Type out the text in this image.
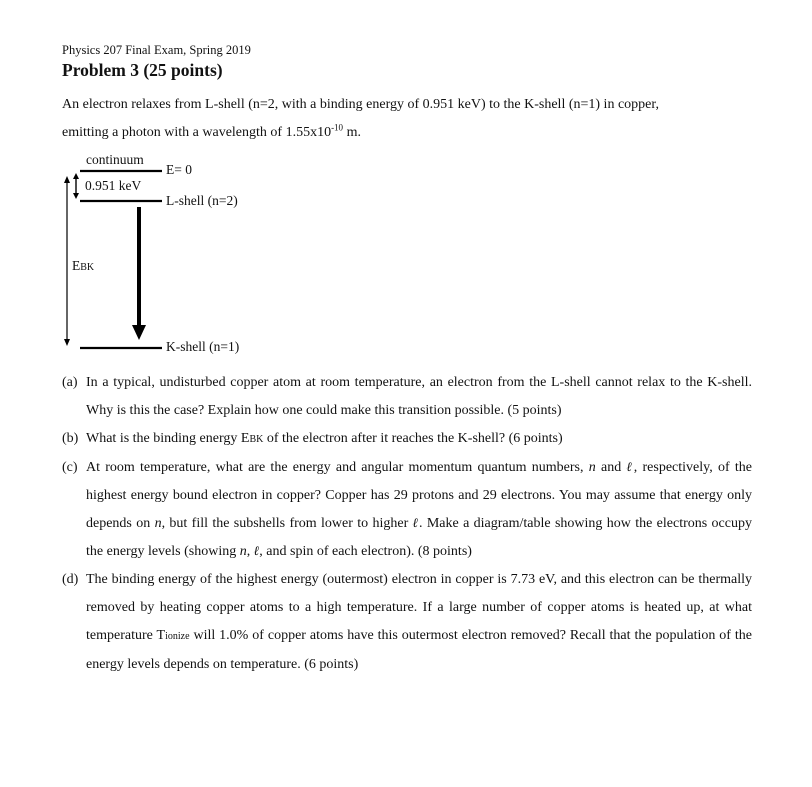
Physics 207 Final Exam, Spring 2019
Problem 3 (25 points)
An electron relaxes from L-shell (n=2, with a binding energy of 0.951 keV) to the K-shell (n=1) in copper,
emitting a photon with a wavelength of $1.55x10^{-10}$ m.
continuum
E= 0
0.951 keV
L-shell (n=2)
EBK
K-shell (n=1)
(a) In a typical, undisturbed copper atom at room temperature, an electron from the L-shell cannot relax to the K-shell. Why is this the case? Explain how one could make this transition possible. (5 points)
(b) What is the binding energy EBK of the electron after it reaches the K-shell? (6 points)
(c) At room temperature, what are the energy and angular momentum quantum numbers, n and ℓ, respectively, of the highest energy bound electron in copper? Copper has 29 protons and 29 electrons. You may assume that energy only depends on n, but fill the subshells from lower to higher ℓ. Make a diagram/table showing how the electrons occupy the energy levels (showing n, ℓ, and spin of each electron). (8 points)
(d) The binding energy of the highest energy (outermost) electron in copper is 7.73 eV, and this electron can be thermally removed by heating copper atoms to a high temperature. If a large number of copper atoms is heated up, at what temperature Tionize will 1.0% of copper atoms have this outermost electron removed? Recall that the population of the energy levels depends on temperature. (6 points)
